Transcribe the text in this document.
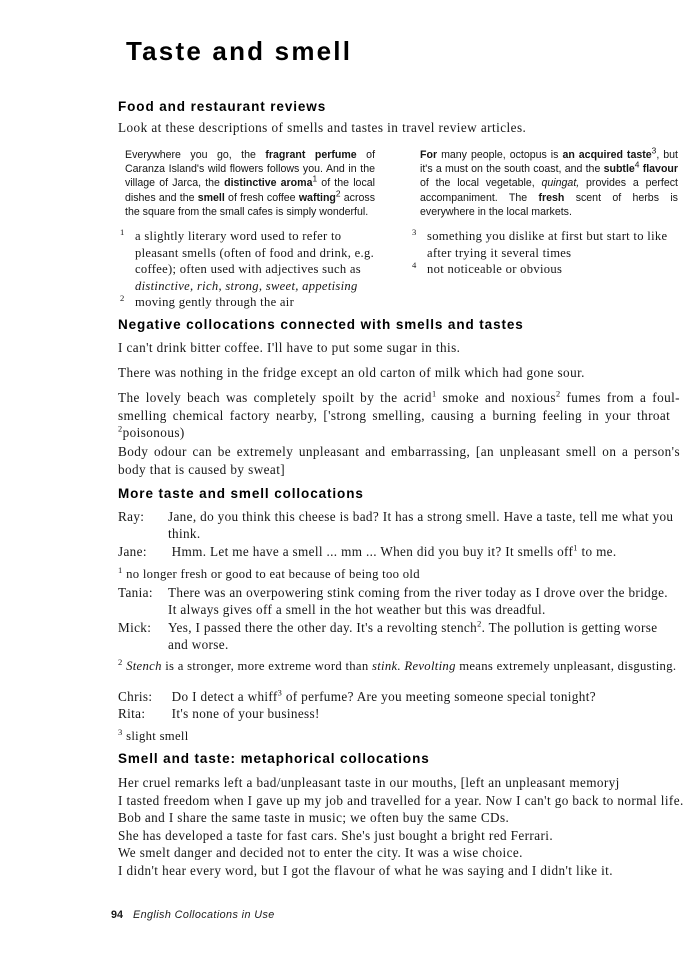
Taste and smell
Food and restaurant reviews
Look at these descriptions of smells and tastes in travel review articles.
Everywhere you go, the fragrant perfume of Caranza Island's wild flowers follows you. And in the village of Jarca, the distinctive aroma$^1$ of the local dishes and the smell of fresh coffee wafting$^2$ across the square from the small cafes is simply wonderful.
For many people, octopus is an acquired taste$^3$, but it's a must on the south coast, and the subtle$^4$ flavour of the local vegetable, quingat, provides a perfect accompaniment. The fresh scent of herbs is everywhere in the local markets.
1 a slightly literary word used to refer to pleasant smells (often of food and drink, e.g. coffee); often used with adjectives such as distinctive, rich, strong, sweet, appetising
2 moving gently through the air
3 something you dislike at first but start to like after trying it several times
4 not noticeable or obvious
Negative collocations connected with smells and tastes
I can't drink bitter coffee. I'll have to put some sugar in this.
There was nothing in the fridge except an old carton of milk which had gone sour.
The lovely beach was completely spoilt by the acrid$^1$ smoke and noxious$^2$ fumes from a foul-smelling chemical factory nearby, ['strong smelling, causing a burning feeling in your throat   $^2$poisonous)
Body odour can be extremely unpleasant and embarrassing, [an unpleasant smell on a person's body that is caused by sweat]
More taste and smell collocations
Ray:	Jane, do you think this cheese is bad? It has a strong smell. Have a taste, tell me what you think.
Jane:	Hmm. Let me have a smell ... mm ... When did you buy it? It smells off$^1$ to me.
$^1$ no longer fresh or good to eat because of being too old
Tania:	There was an overpowering stink coming from the river today as I drove over the bridge. It always gives off a smell in the hot weather but this was dreadful.
Mick:	Yes, I passed there the other day. It's a revolting stench$^2$. The pollution is getting worse and worse.
$^2$ Stench is a stronger, more extreme word than stink. Revolting means extremely unpleasant, disgusting.
Chris:	Do I detect a whiff$^3$ of perfume? Are you meeting someone special tonight?
Rita:	It's none of your business!
$^3$ slight smell
Smell and taste: metaphorical collocations
Her cruel remarks left a bad/unpleasant taste in our mouths, [left an unpleasant memoryj
I tasted freedom when I gave up my job and travelled for a year. Now I can't go back to normal life.
Bob and I share the same taste in music; we often buy the same CDs.
She has developed a taste for fast cars. She's just bought a bright red Ferrari.
We smelt danger and decided not to enter the city. It was a wise choice.
I didn't hear every word, but I got the flavour of what he was saying and I didn't like it.
94 English Collocations in Use
